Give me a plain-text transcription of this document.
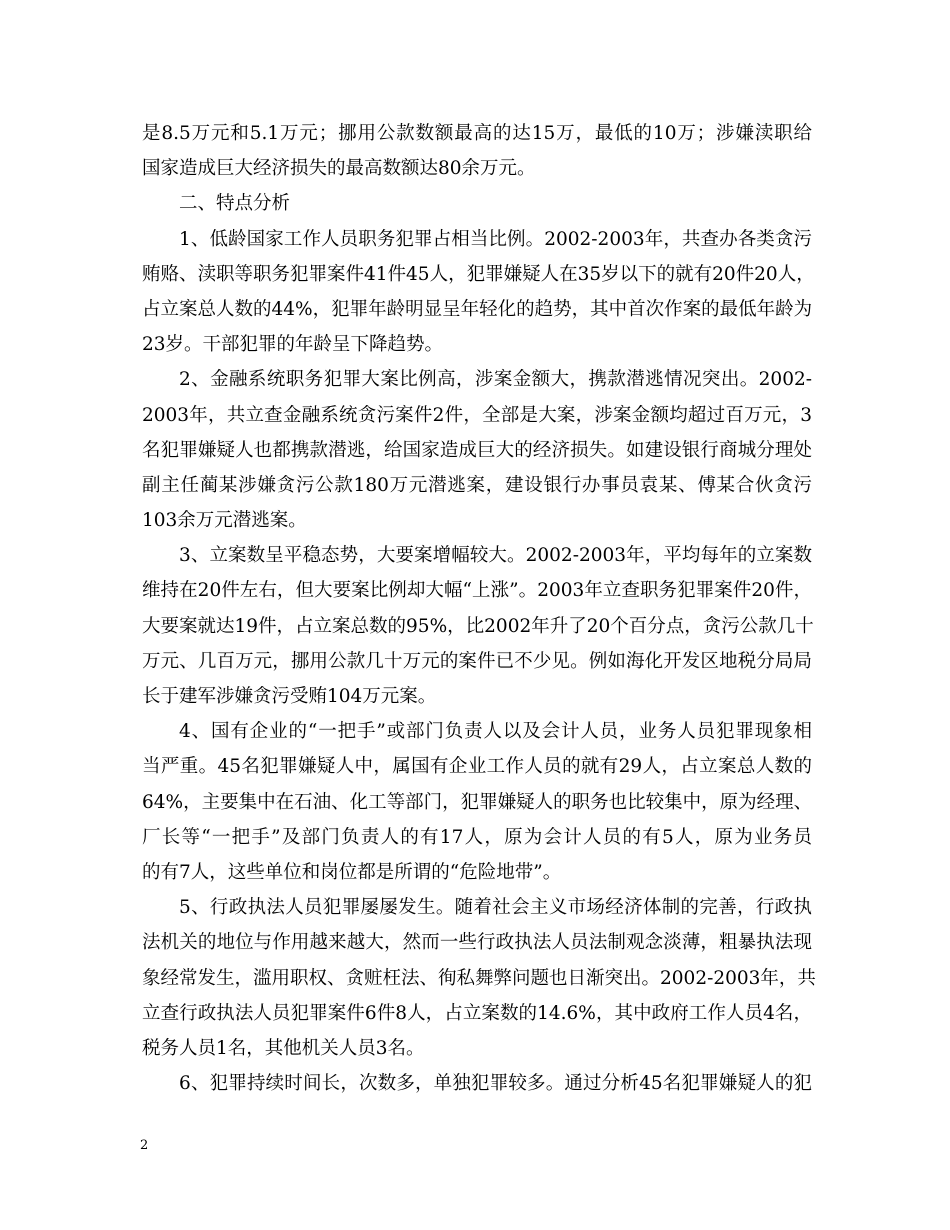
是8.5万元和5.1万元；挪用公款数额最高的达15万，最低的10万；涉嫌渎职给
国家造成巨大经济损失的最高数额达80余万元。
二、特点分析
1、低龄国家工作人员职务犯罪占相当比例。2002-2003年，共查办各类贪污
贿赂、渎职等职务犯罪案件41件45人，犯罪嫌疑人在35岁以下的就有20件20人，
占立案总人数的44%，犯罪年龄明显呈年轻化的趋势，其中首次作案的最低年龄为
23岁。干部犯罪的年龄呈下降趋势。
2、金融系统职务犯罪大案比例高，涉案金额大，携款潜逃情况突出。2002-
2003年，共立查金融系统贪污案件2件，全部是大案，涉案金额均超过百万元，3
名犯罪嫌疑人也都携款潜逃，给国家造成巨大的经济损失。如建设银行商城分理处
副主任蔺某涉嫌贪污公款180万元潜逃案，建设银行办事员袁某、傅某合伙贪污
103余万元潜逃案。
3、立案数呈平稳态势，大要案增幅较大。2002-2003年，平均每年的立案数
维持在20件左右，但大要案比例却大幅“上涨”。2003年立查职务犯罪案件20件，
大要案就达19件，占立案总数的95%，比2002年升了20个百分点，贪污公款几十
万元、几百万元，挪用公款几十万元的案件已不少见。例如海化开发区地税分局局
长于建军涉嫌贪污受贿104万元案。
4、国有企业的“一把手”或部门负责人以及会计人员，业务人员犯罪现象相
当严重。45名犯罪嫌疑人中，属国有企业工作人员的就有29人，占立案总人数的
64%，主要集中在石油、化工等部门，犯罪嫌疑人的职务也比较集中，原为经理、
厂长等“一把手”及部门负责人的有17人，原为会计人员的有5人，原为业务员
的有7人，这些单位和岗位都是所谓的“危险地带”。
5、行政执法人员犯罪屡屡发生。随着社会主义市场经济体制的完善，行政执
法机关的地位与作用越来越大，然而一些行政执法人员法制观念淡薄，粗暴执法现
象经常发生，滥用职权、贪赃枉法、徇私舞弊问题也日渐突出。2002-2003年，共
立查行政执法人员犯罪案件6件8人，占立案数的14.6%，其中政府工作人员4名，
税务人员1名，其他机关人员3名。
6、犯罪持续时间长，次数多，单独犯罪较多。通过分析45名犯罪嫌疑人的犯
2
